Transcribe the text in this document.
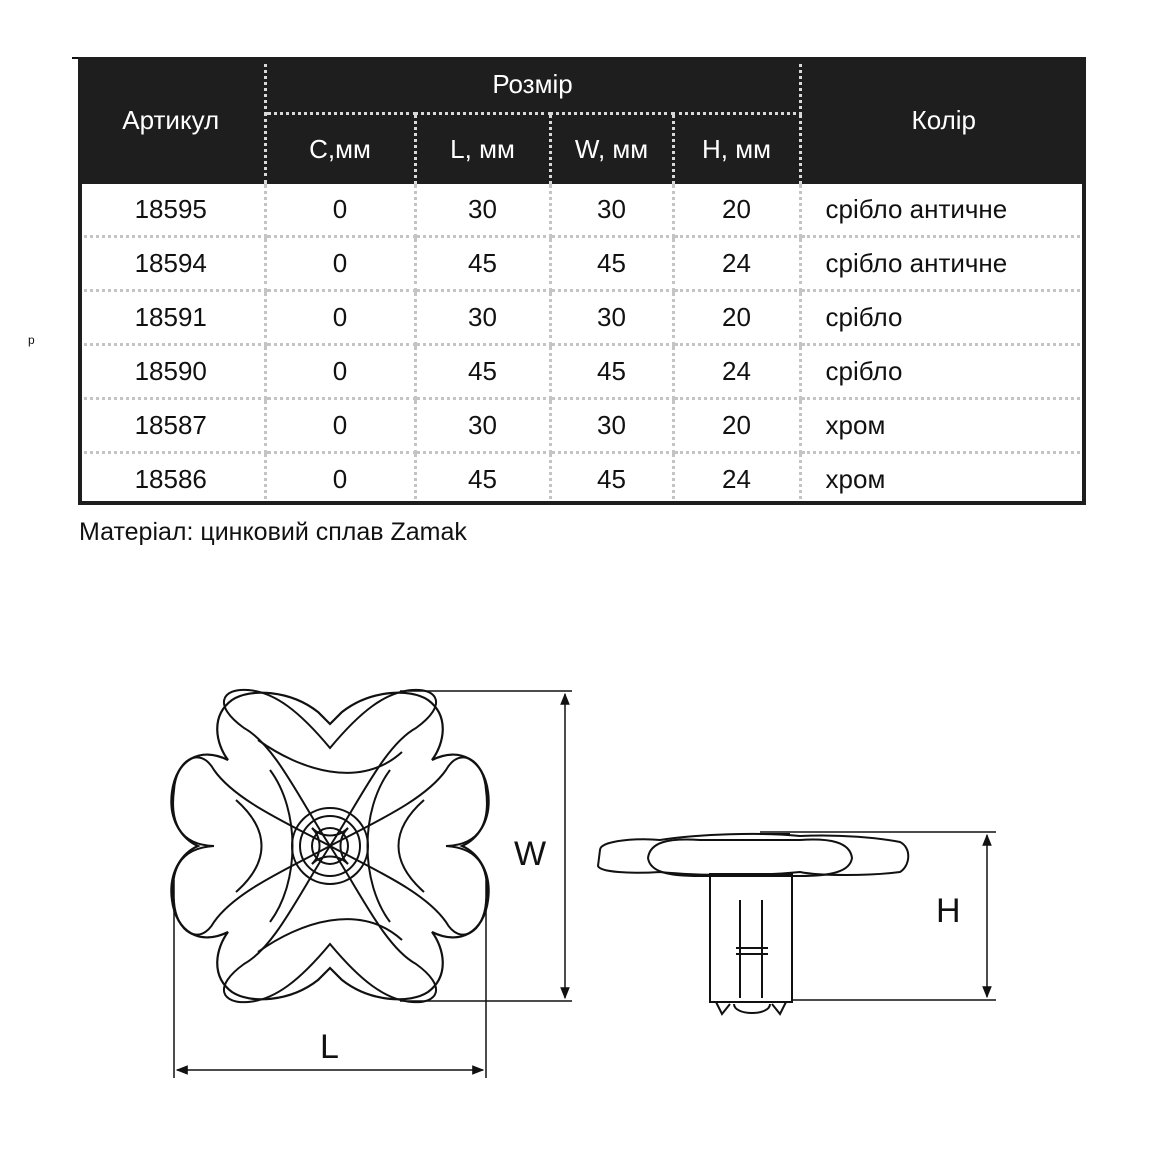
p
Артикул	Розмір				Колір
	C,мм	L, мм	W, мм	H, мм	
18595	0	30	30	20	срібло античне
18594	0	45	45	24	срібло античне
18591	0	30	30	20	срібло
18590	0	45	45	24	срібло
18587	0	30	30	20	хром
18586	0	45	45	24	хром
Матеріал: цинковий сплав Zamak
W
L
H
